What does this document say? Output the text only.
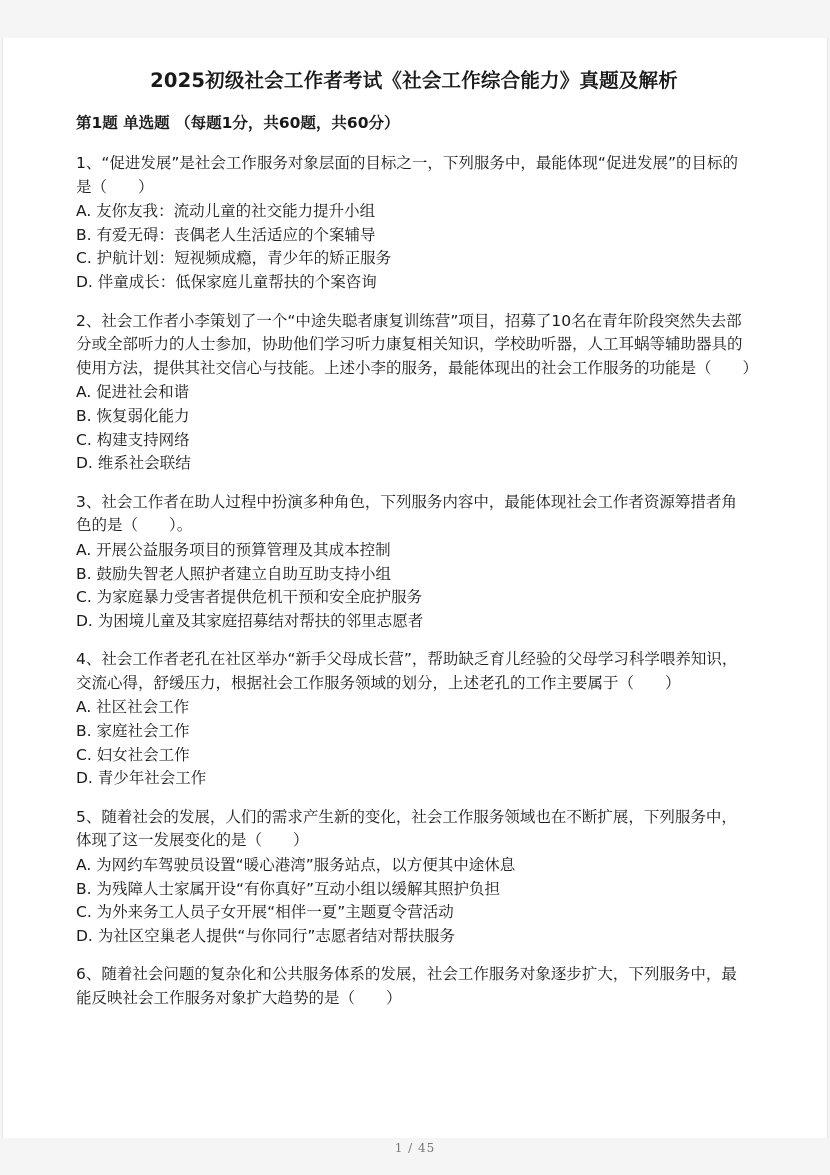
2025初级社会工作者考试《社会工作综合能力》真题及解析
第1题 单选题 （每题1分，共60题，共60分）
1、“促进发展”是社会工作服务对象层面的目标之一，下列服务中，最能体现“促进发展”的目标的是（　　）
A. 友你友我：流动儿童的社交能力提升小组
B. 有爱无碍：丧偶老人生活适应的个案辅导
C. 护航计划：短视频成瘾，青少年的矫正服务
D. 伴童成长：低保家庭儿童帮扶的个案咨询
2、社会工作者小李策划了一个“中途失聪者康复训练营”项目，招募了10名在青年阶段突然失去部分或全部听力的人士参加，协助他们学习听力康复相关知识，学校助听器，人工耳蜗等辅助器具的使用方法，提供其社交信心与技能。上述小李的服务，最能体现出的社会工作服务的功能是（　　）
A. 促进社会和谐
B. 恢复弱化能力
C. 构建支持网络
D. 维系社会联结
3、社会工作者在助人过程中扮演多种角色，下列服务内容中，最能体现社会工作者资源筹措者角色的是（　　）。
A. 开展公益服务项目的预算管理及其成本控制
B. 鼓励失智老人照护者建立自助互助支持小组
C. 为家庭暴力受害者提供危机干预和安全庇护服务
D. 为困境儿童及其家庭招募结对帮扶的邻里志愿者
4、社会工作者老孔在社区举办“新手父母成长营”，帮助缺乏育儿经验的父母学习科学喂养知识，交流心得，舒缓压力，根据社会工作服务领域的划分，上述老孔的工作主要属于（　　）
A. 社区社会工作
B. 家庭社会工作
C. 妇女社会工作
D. 青少年社会工作
5、随着社会的发展，人们的需求产生新的变化，社会工作服务领域也在不断扩展，下列服务中，体现了这一发展变化的是（　　）
A. 为网约车驾驶员设置“暖心港湾”服务站点，以方便其中途休息
B. 为残障人士家属开设“有你真好”互动小组以缓解其照护负担
C. 为外来务工人员子女开展“相伴一夏”主题夏令营活动
D. 为社区空巢老人提供“与你同行”志愿者结对帮扶服务
6、随着社会问题的复杂化和公共服务体系的发展，社会工作服务对象逐步扩大，下列服务中，最能反映社会工作服务对象扩大趋势的是（　　）
1 / 45
